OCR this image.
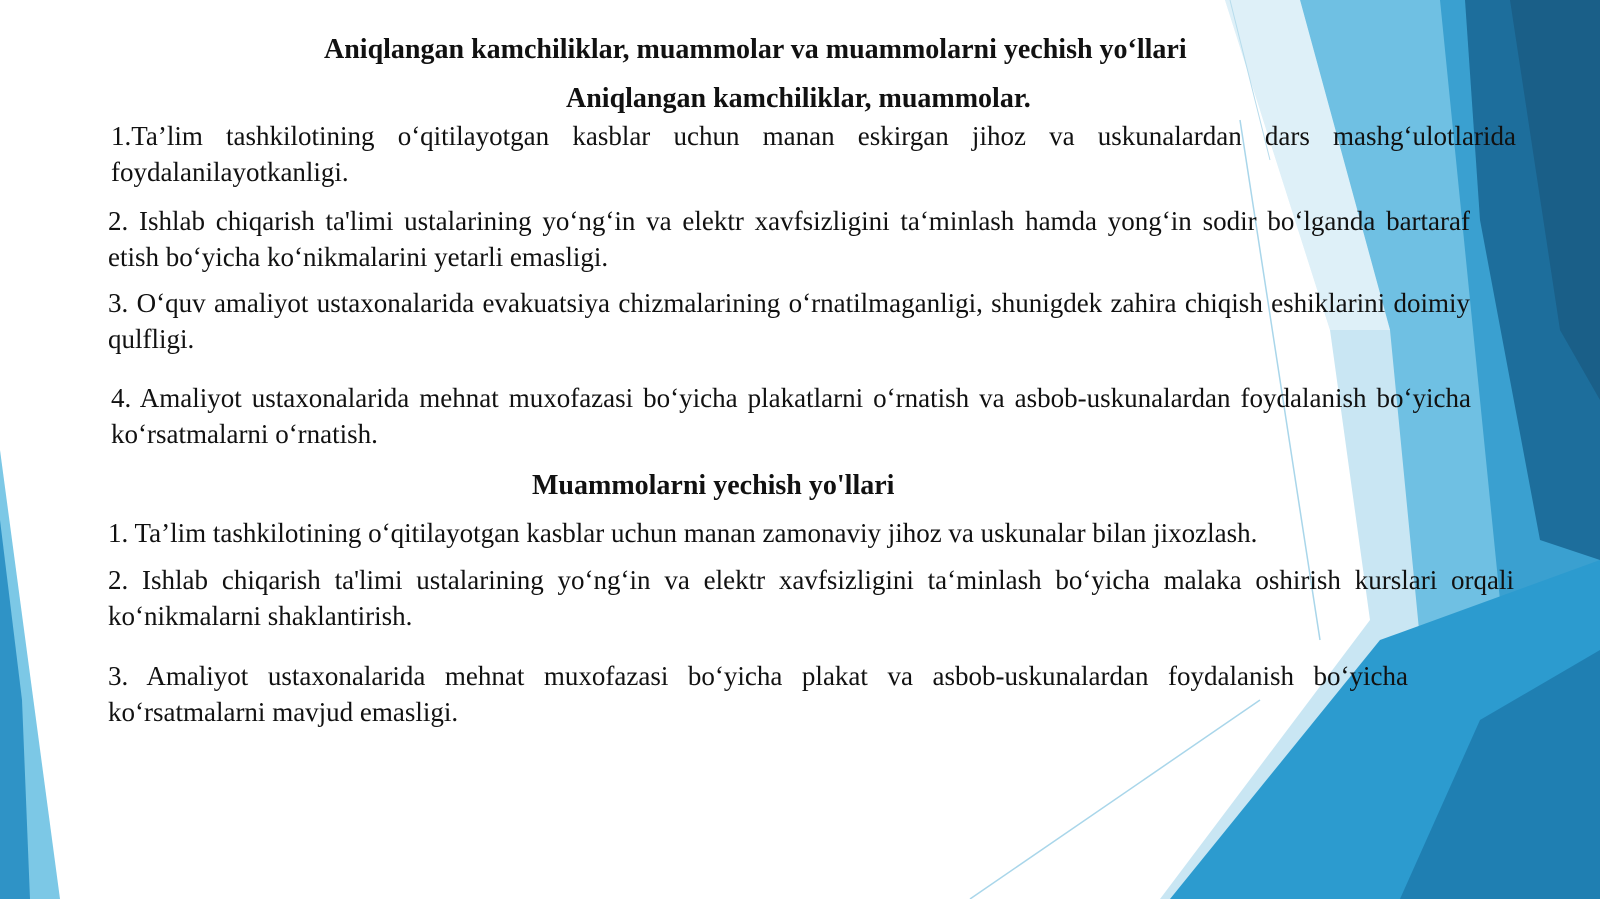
Aniqlangan kamchiliklar, muammolar va muammolarni yechish yo‘llari
Aniqlangan kamchiliklar, muammolar.

1.Ta’lim tashkilotining o‘qitilayotgan kasblar uchun manan eskirgan jihoz va uskunalardan dars mashg‘ulotlarida foydalanilayotkanligi.

2. Ishlab chiqarish ta'limi ustalarining yo‘ng‘in va elektr xavfsizligini ta‘minlash hamda yong‘in sodir bo‘lganda bartaraf etish bo‘yicha ko‘nikmalarini yetarli emasligi.

3. O‘quv amaliyot ustaxonalarida evakuatsiya chizmalarining o‘rnatilmaganligi, shunigdek zahira chiqish eshiklarini doimiy qulfligi.

4. Amaliyot ustaxonalarida mehnat muxofazasi bo‘yicha plakatlarni o‘rnatish va asbob-uskunalardan foydalanish bo‘yicha ko‘rsatmalarni o‘rnatish.

Muammolarni yechish yo'llari

1. Ta’lim tashkilotining o‘qitilayotgan kasblar uchun manan zamonaviy jihoz va uskunalar bilan jixozlash.

2. Ishlab chiqarish ta'limi ustalarining yo‘ng‘in va elektr xavfsizligini ta‘minlash bo‘yicha malaka oshirish kurslari orqali ko‘nikmalarni shaklantirish.

3. Amaliyot ustaxonalarida mehnat muxofazasi bo‘yicha plakat va asbob-uskunalardan foydalanish bo‘yicha ko‘rsatmalarni mavjud emasligi.
